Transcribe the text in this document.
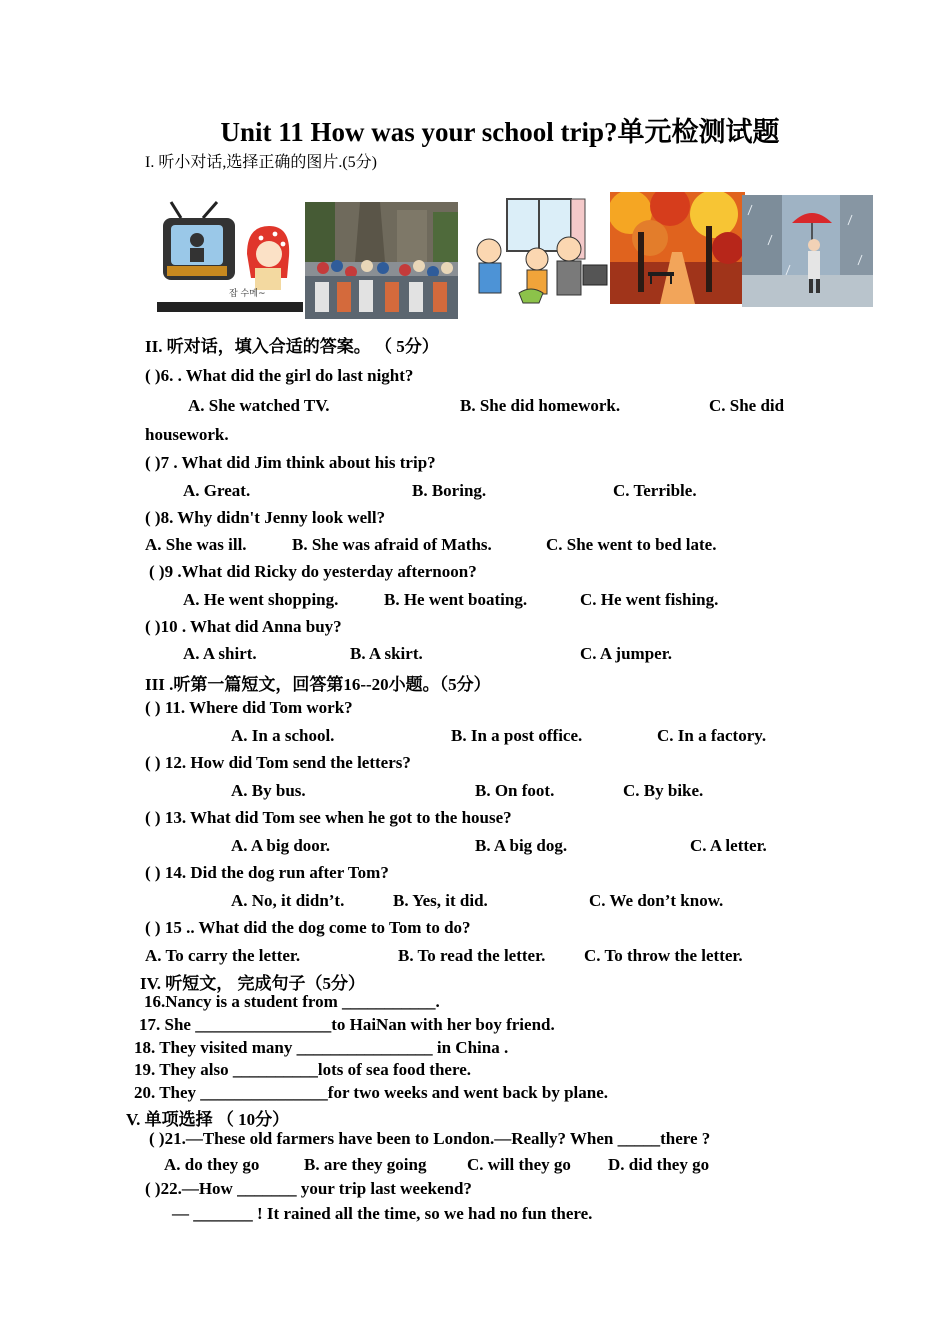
Unit 11 How was your school trip?单元检测试题
I. 听小对话,选择正确的图片.(5分)
잡 수메~
II. 听对话，填入合适的答案。 （ 5分）
( )6. . What did the girl do last night?
A. She watched TV.	B. She did homework.	C. She did
housework.
( )7 . What did Jim think about his trip?
A. Great.	B. Boring.	C. Terrible.
( )8. Why didn't Jenny look well?
A. She was ill.	B. She was afraid of Maths.	C. She went to bed late.
( )9 .What did Ricky do yesterday afternoon?
A. He went shopping.	B. He went boating.	C. He went fishing.
( )10 . What did Anna buy?
A. A shirt.	B. A skirt.	C. A jumper.
III .听第一篇短文，回答第16--20小题。（5分）
( ) 11. Where did Tom work?
A. In a school.	B. In a post office.	C. In a factory.
( ) 12. How did Tom send the letters?
A. By bus.	B. On foot.	C. By bike.
( ) 13. What did Tom see when he got to the house?
A. A big door.	B. A big dog.	C. A letter.
( ) 14. Did the dog run after Tom?
A. No, it didn’t.	B. Yes, it did.	C. We don’t know.
( ) 15 .. What did the dog come to Tom to do?
A. To carry the letter.	B. To read the letter. C. To throw the letter.
IV. 听短文， 完成句子（5分）
16.Nancy is a student from ___________.
17. She ________________to HaiNan with her boy friend.
18. They visited many ________________ in China .
19. They also __________lots of sea food there.
20. They _______________for two weeks and went back by plane.
V. 单项选择 （ 10分）
( )21.—These old farmers have been to London.—Really? When _____there ?
A. do they go	B. are they going C. will they go D. did they go
( )22.—How _______ your trip last weekend?
— _______ ! It rained all the time, so we had no fun there.
